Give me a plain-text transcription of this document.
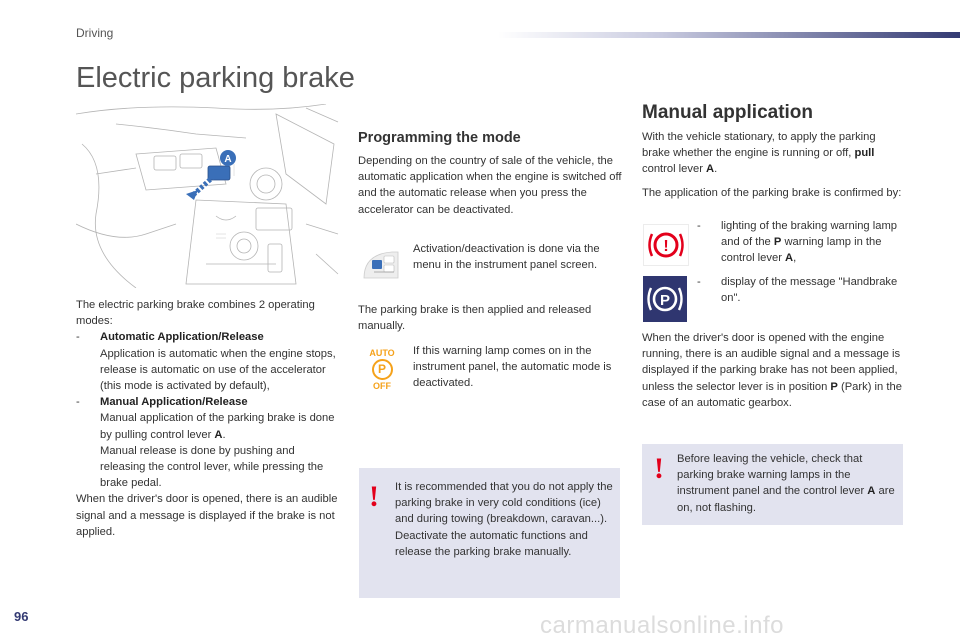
Driving
Electric parking brake
A

The electric parking brake combines 2 operating modes:

-	Automatic Application/Release
Application is automatic when the engine stops, release is automatic on use of the accelerator (this mode is activated by default),
-	Manual Application/Release
Manual application of the parking brake is done by pulling control lever A.
Manual release is done by pushing and releasing the control lever, while pressing the brake pedal.

When the driver's door is opened, there is an audible signal and a message is displayed if the brake is not applied.

Programming the mode

Depending on the country of sale of the vehicle, the automatic application when the engine is switched off and the automatic release when you press the accelerator can be deactivated.

Activation/deactivation is done via the menu in the instrument panel screen.

The parking brake is then applied and released manually.

AUTO
P
OFF

If this warning lamp comes on in the instrument panel, the automatic mode is deactivated.

! It is recommended that you do not apply the parking brake in very cold conditions (ice) and during towing (breakdown, caravan...). Deactivate the automatic functions and release the parking brake manually.

Manual application

With the vehicle stationary, to apply the parking brake whether the engine is running or off, pull control lever A.

The application of the parking brake is confirmed by:

!
-	lighting of the braking warning lamp and of the P warning lamp in the control lever A,
P
-	display of the message "Handbrake on".

When the driver's door is opened with the engine running, there is an audible signal and a message is displayed if the parking brake has not been applied, unless the selector lever is in position P (Park) in the case of an automatic gearbox.

! Before leaving the vehicle, check that parking brake warning lamps in the instrument panel and the control lever A are on, not flashing.

96	carmanualsonline.info
